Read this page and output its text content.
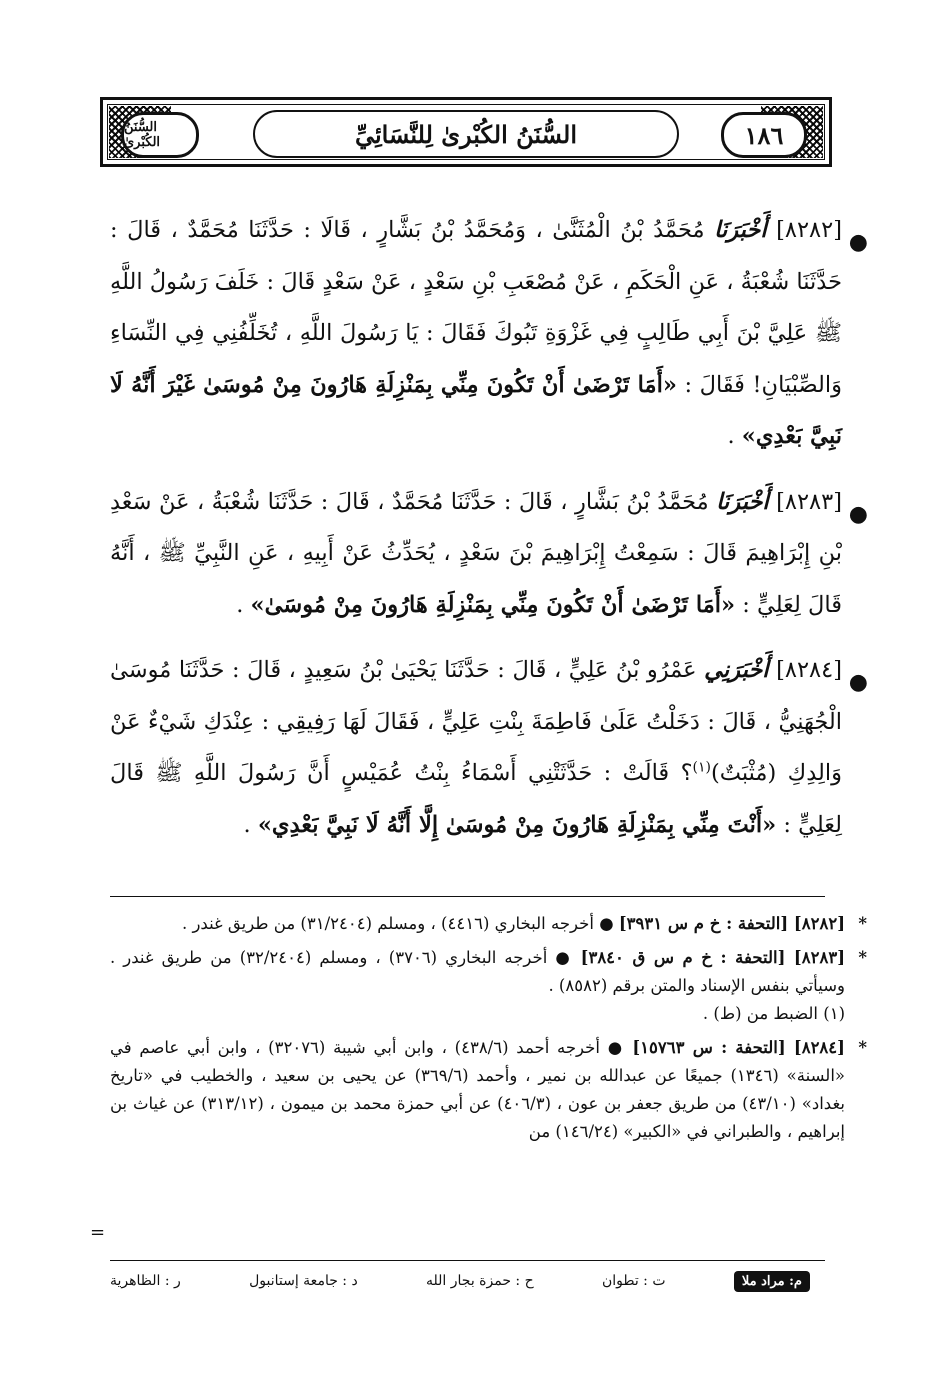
السُّنَنُ الكُبْرىٰ	السُّنَنُ الكُبْرىٰ لِلنَّسَائِيِّ	١٨٦

●
[٨٢٨٢] أَخْبَرَنَا مُحَمَّدُ بْنُ الْمُثَنَّىٰ ، وَمُحَمَّدُ بْنُ بَشَّارٍ ، قَالَا : حَدَّثَنَا مُحَمَّدٌ ، قَالَ : حَدَّثَنَا شُعْبَةُ ، عَنِ الْحَكَمِ ، عَنْ مُصْعَبِ بْنِ سَعْدٍ ، عَنْ سَعْدٍ قَالَ : خَلَفَ رَسُولُ اللَّهِ ﷺ عَلِيَّ بْنَ أَبِي طَالِبٍ فِي غَزْوَةِ تَبُوكَ فَقَالَ : يَا رَسُولَ اللَّهِ ، تُخَلِّفُنِي فِي النِّسَاءِ وَالصِّبْيَانِ! فَقَالَ : «أَمَا تَرْضَىٰ أَنْ تَكُونَ مِنِّي بِمَنْزِلَةِ هَارُونَ مِنْ مُوسَىٰ غَيْرَ أَنَّهُ لَا نَبِيَّ بَعْدِي» .

●
[٨٢٨٣] أَخْبَرَنَا مُحَمَّدُ بْنُ بَشَّارٍ ، قَالَ : حَدَّثَنَا مُحَمَّدٌ ، قَالَ : حَدَّثَنَا شُعْبَةُ ، عَنْ سَعْدِ بْنِ إِبْرَاهِيمَ قَالَ : سَمِعْتُ إِبْرَاهِيمَ بْنَ سَعْدٍ ، يُحَدِّثُ عَنْ أَبِيهِ ، عَنِ النَّبِيِّ ﷺ ، أَنَّهُ قَالَ لِعَلِيٍّ : «أَمَا تَرْضَىٰ أَنْ تَكُونَ مِنِّي بِمَنْزِلَةِ هَارُونَ مِنْ مُوسَىٰ» .

●
[٨٢٨٤] أَخْبَرَنِي عَمْرُو بْنُ عَلِيٍّ ، قَالَ : حَدَّثَنَا يَحْيَىٰ بْنُ سَعِيدٍ ، قَالَ : حَدَّثَنَا مُوسَىٰ الْجُهَنِيُّ ، قَالَ : دَخَلْتُ عَلَىٰ فَاطِمَةَ بِنْتِ عَلِيٍّ ، فَقَالَ لَهَا رَفِيقِي : عِنْدَكِ شَيْءٌ عَنْ وَالِدِكِ (مُثْبَتٌ)$^{(١)}$؟ قَالَتْ : حَدَّثَتْنِي أَسْمَاءُ بِنْتُ عُمَيْسٍ أَنَّ رَسُولَ اللَّهِ ﷺ قَالَ لِعَلِيٍّ : «أَنْتَ مِنِّي بِمَنْزِلَةِ هَارُونَ مِنْ مُوسَىٰ إِلَّا أَنَّهُ لَا نَبِيَّ بَعْدِي» .

*
[٨٢٨٢] [التحفة : خ م س ٣٩٣١] ● أخرجه البخاري (٤٤١٦) ، ومسلم (٣١/٢٤٠٤) من طريق غندر .
*
[٨٢٨٣] [التحفة : خ م س ق ٣٨٤٠] ● أخرجه البخاري (٣٧٠٦) ، ومسلم (٣٢/٢٤٠٤) من طريق غندر . وسيأتي بنفس الإسناد والمتن برقم (٨٥٨٢) .
(١) الضبط من (ط) .
*
[٨٢٨٤] [التحفة : س ١٥٧٦٣] ● أخرجه أحمد (٤٣٨/٦) ، وابن أبي شيبة (٣٢٠٧٦) ، وابن أبي عاصم في «السنة» (١٣٤٦) جميعًا عن عبدالله بن نمير ، وأحمد (٣٦٩/٦) عن يحيى بن سعيد ، والخطيب في «تاريخ بغداد» (٤٣/١٠) من طريق جعفر بن عون ، (٤٠٦/٣) عن أبي حمزة محمد بن ميمون ، (٣١٣/١٢) عن غياث بن إبراهيم ، والطبراني في «الكبير» (١٤٦/٢٤) من
=
م: مراد ملا
ت : تطوان
ح : حمزة بجار الله
د : جامعة إستانبول
ر : الظاهرية
